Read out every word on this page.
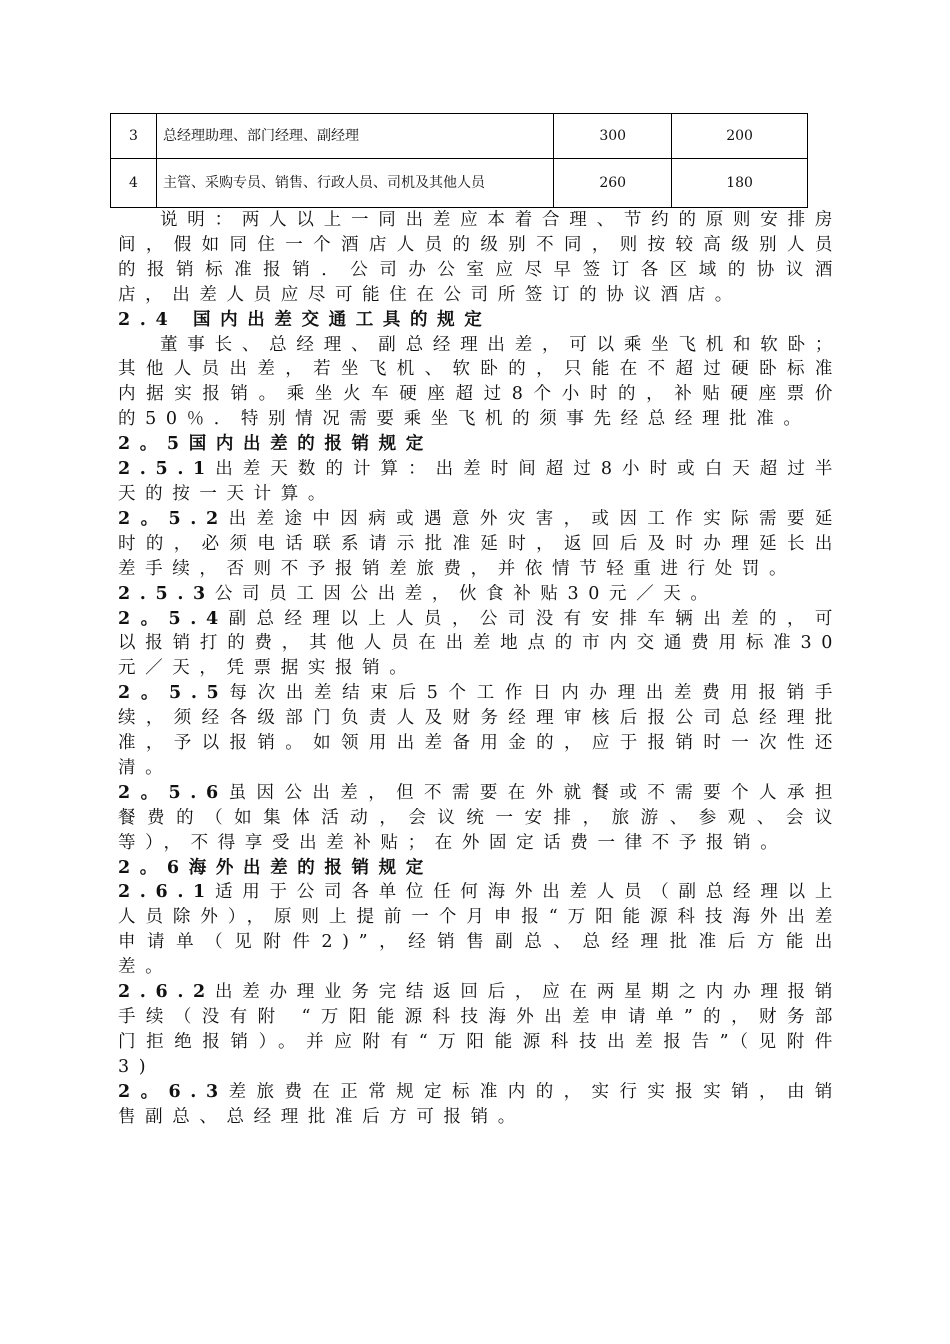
3	总经理助理、部门经理、副经理	300	200
4	主管、采购专员、销售、行政人员、司机及其他人员	260	180

说明：两人以上一同出差应本着合理、节约的原则安排房间，假如同住一个酒店人员的级别不同，则按较高级别人员的报销标准报销．公司办公室应尽早签订各区域的协议酒店，出差人员应尽可能住在公司所签订的协议酒店。

2.4 国内出差交通工具的规定

董事长、总经理、副总经理出差，可以乘坐飞机和软卧；其他人员出差，若坐飞机、软卧的，只能在不超过硬卧标准内据实报销。乘坐火车硬座超过8个小时的，补贴硬座票价的50％．特别情况需要乘坐飞机的须事先经总经理批准。

2。5国内出差的报销规定

2.5.1出差天数的计算：出差时间超过8小时或白天超过半天的按一天计算。

2。5.2出差途中因病或遇意外灾害，或因工作实际需要延时的，必须电话联系请示批准延时，返回后及时办理延长出差手续，否则不予报销差旅费，并依情节轻重进行处罚。

2.5.3公司员工因公出差，伙食补贴30元／天。

2。5.4副总经理以上人员，公司没有安排车辆出差的，可以报销打的费，其他人员在出差地点的市内交通费用标准30元／天，凭票据实报销。

2。5.5每次出差结束后5个工作日内办理出差费用报销手续，须经各级部门负责人及财务经理审核后报公司总经理批准，予以报销。如领用出差备用金的，应于报销时一次性还清。

2。5.6虽因公出差，但不需要在外就餐或不需要个人承担餐费的（如集体活动，会议统一安排，旅游、参观、会议等），不得享受出差补贴；在外固定话费一律不予报销。

2。6海外出差的报销规定

2.6.1适用于公司各单位任何海外出差人员（副总经理以上人员除外），原则上提前一个月申报“万阳能源科技海外出差申请单（见附件2)”，经销售副总、总经理批准后方能出差。

2.6.2出差办理业务完结返回后，应在两星期之内办理报销手续（没有附 “万阳能源科技海外出差申请单”的，财务部门拒绝报销）。并应附有“万阳能源科技出差报告”（见附件3)

2。6.3差旅费在正常规定标准内的，实行实报实销，由销售副总、总经理批准后方可报销。
